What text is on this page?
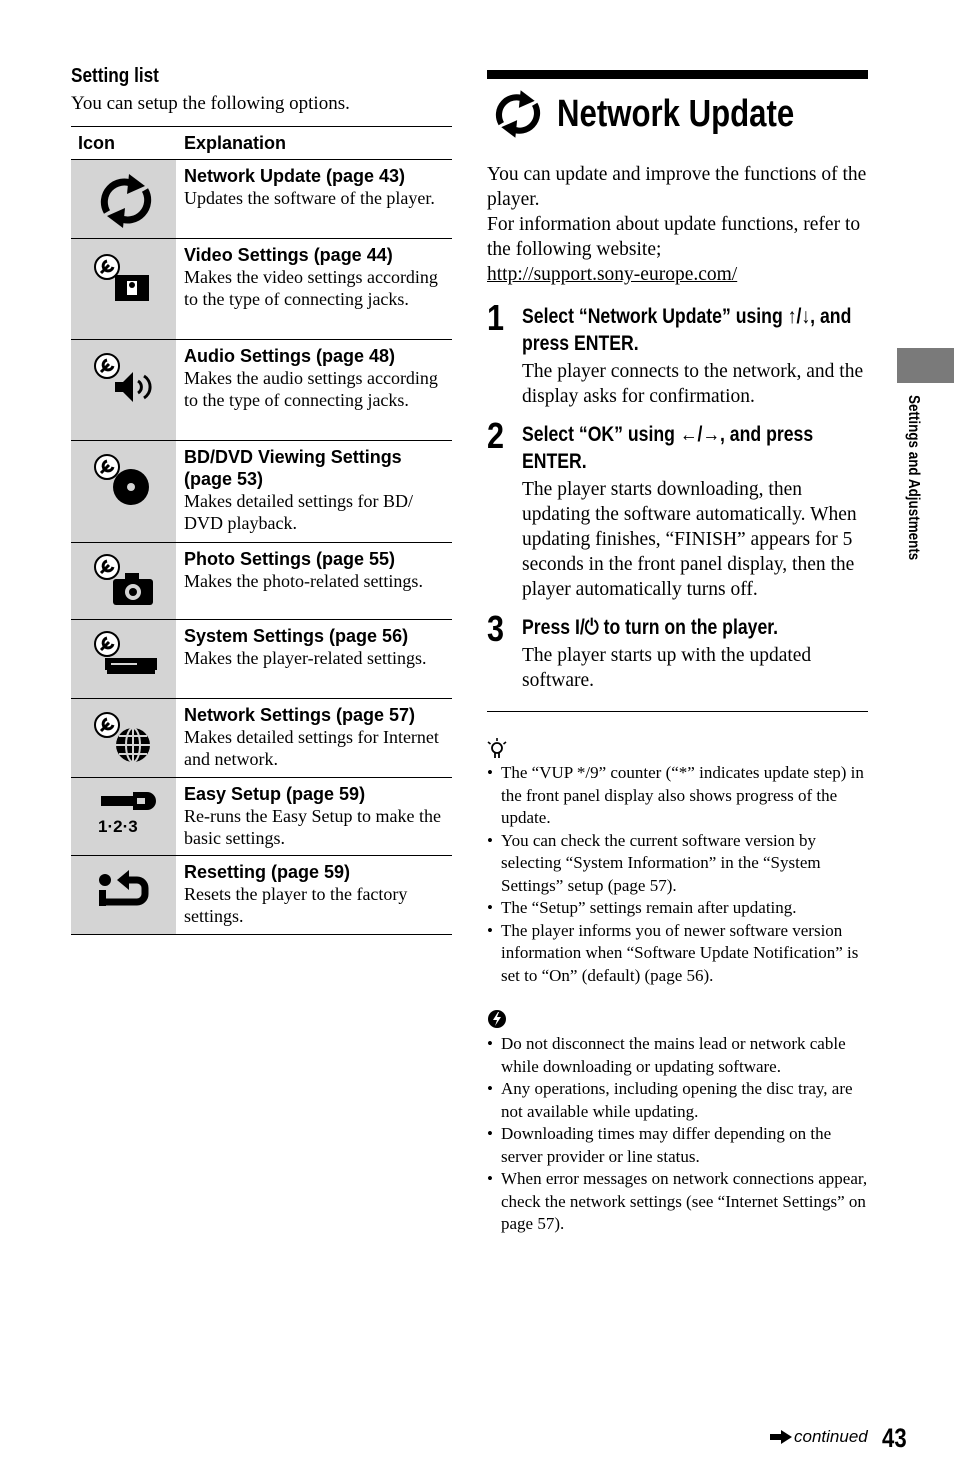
Setting list
You can setup the following options.
Icon	Explanation
Network Update (page 43)
Updates the software of the player.
Video Settings (page 44)
Makes the video settings according to the type of connecting jacks.
Audio Settings (page 48)
Makes the audio settings according to the type of connecting jacks.
BD/DVD Viewing Settings (page 53)
Makes detailed settings for BD/ DVD playback.
Photo Settings (page 55)
Makes the photo-related settings.
System Settings (page 56)
Makes the player-related settings.
Network Settings (page 57)
Makes detailed settings for Internet and network.
1·2·3
Easy Setup (page 59)
Re-runs the Easy Setup to make the basic settings.
Resetting (page 59)
Resets the player to the factory settings.
Network Update

You can update and improve the functions of the player.

For information about update functions, refer to the following website;

http://support.sony-europe.com/

1 Select “Network Update” using ↑/↓, and press ENTER.
The player connects to the network, and the display asks for confirmation.
2 Select “OK” using ←/→, and press ENTER.
The player starts downloading, then updating the software automatically. When updating finishes, “FINISH” appears for 5 seconds in the front panel display, then the player automatically turns off.
3 Press I/⏻ to turn on the player.
The player starts up with the updated software.
• The “VUP */9” counter (“*” indicates update step) in the front panel display also shows progress of the update.
• You can check the current software version by selecting “System Information” in the “System Settings” setup (page 57).
• The “Setup” settings remain after updating.
• The player informs you of newer software version information when “Software Update Notification” is set to “On” (default) (page 56).
• Do not disconnect the mains lead or network cable while downloading or updating software.
• Any operations, including opening the disc tray, are not available while updating.
• Downloading times may differ depending on the server provider or line status.
• When error messages on network connections appear, check the network settings (see “Internet Settings” on page 57).
Settings and Adjustments
continued 43
